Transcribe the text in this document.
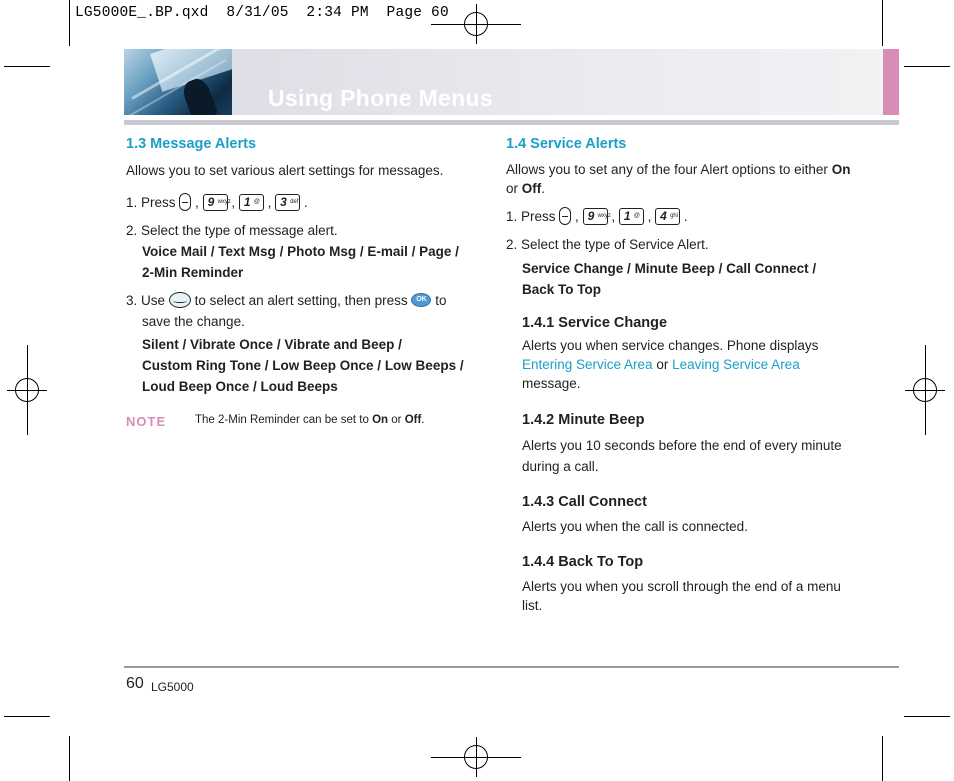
LG5000E_.BP.qxd  8/31/05  2:34 PM  Page 60
Using Phone Menus
1.3 Message Alerts
Allows you to set various alert settings for messages.
1. Press  , 9 wxyz
, 1 @ , 3 def .
2. Select the type of message alert.
Voice Mail / Text Msg / Photo Msg / E-mail / Page /
2-Min Reminder
3. Use to select an alert setting, then press	OK to
save the change.
Silent / Vibrate Once / Vibrate and Beep /
Custom Ring Tone / Low Beep Once / Low Beeps /
Loud Beep Once / Loud Beeps
NOTE	The 2-Min Reminder can be set to On or Off.
1.4 Service Alerts
Allows you to set any of the four Alert options to either On or Off.
1. Press  , 9 wxyz
, 1 @ , 4 ghi .
2. Select the type of Service Alert.
Service Change / Minute Beep / Call Connect /
Back To Top
1.4.1 Service Change
Alerts you when service changes. Phone displays
Entering Service Area or Leaving Service Area
message.
1.4.2 Minute Beep
Alerts you 10 seconds before the end of every minute
during a call.
1.4.3 Call Connect
Alerts you when the call is connected.
1.4.4 Back To Top
Alerts you when you scroll through the end of a menu
list.
60 LG5000
